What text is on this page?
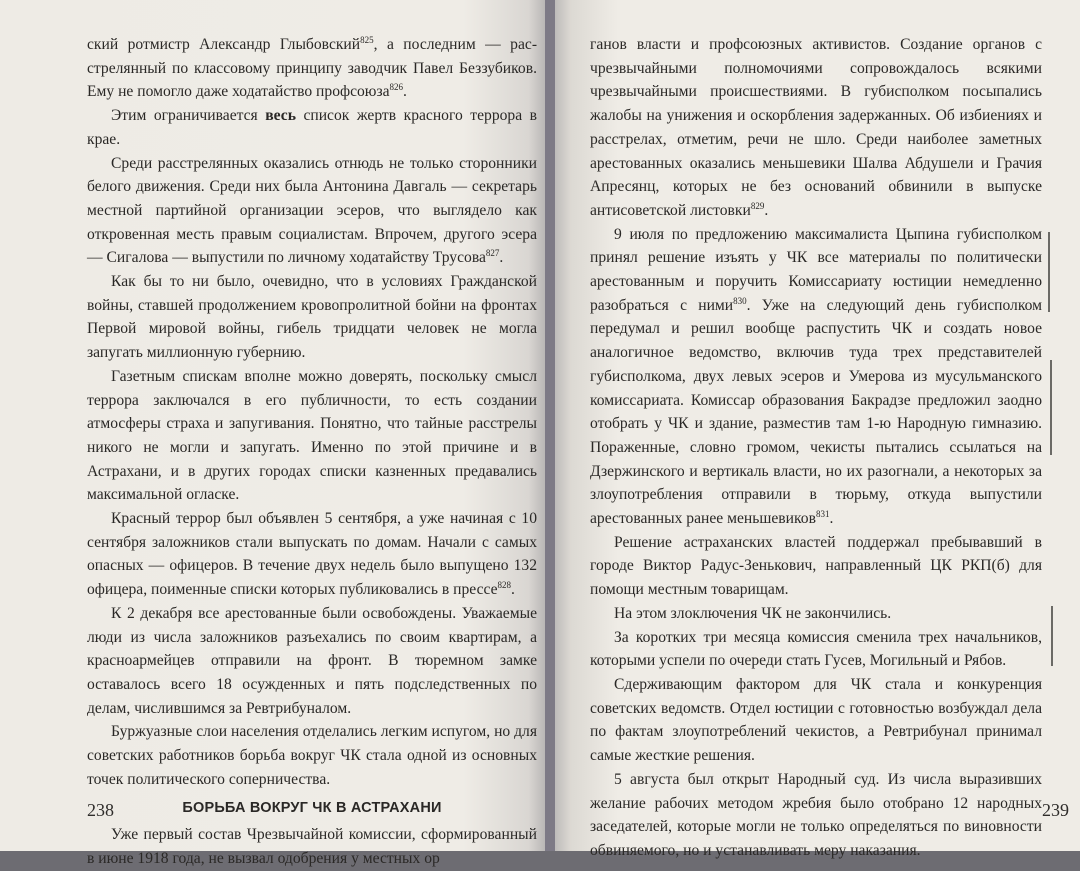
ский ротмистр Александр Глыбовский$^{825}$, а последним — расстрелянный по классовому принципу заводчик Павел Беззубиков. Ему не помогло даже ходатайство профсоюза$^{826}$.

Этим ограничивается весь список жертв красного террора в крае.

Среди расстрелянных оказались отнюдь не только сторонники белого движения. Среди них была Антонина Давгаль — секретарь местной партийной организации эсеров, что выглядело как откровенная месть правым социалистам. Впрочем, другого эсера — Сигалова — выпустили по личному ходатайству Трусова$^{827}$.

Как бы то ни было, очевидно, что в условиях Гражданской войны, ставшей продолжением кровопролитной бойни на фронтах Первой мировой войны, гибель тридцати человек не могла запугать миллионную губернию.

Газетным спискам вполне можно доверять, поскольку смысл террора заключался в его публичности, то есть создании атмосферы страха и запугивания. Понятно, что тайные расстрелы никого не могли и запугать. Именно по этой причине и в Астрахани, и в других городах списки казненных предавались максимальной огласке.

Красный террор был объявлен 5 сентября, а уже начиная с 10 сентября заложников стали выпускать по домам. Начали с самых опасных — офицеров. В течение двух недель было выпущено 132 офицера, поименные списки которых публиковались в прессе$^{828}$.

К 2 декабря все арестованные были освобождены. Уважаемые люди из числа заложников разъехались по своим квартирам, а красноармейцев отправили на фронт. В тюремном замке оставалось всего 18 осужденных и пять подследственных по делам, числившимся за Ревтрибуналом.

Буржуазные слои населения отделались легким испугом, но для советских работников борьба вокруг ЧК стала одной из основных точек политического соперничества.

БОРЬБА ВОКРУГ ЧК В АСТРАХАНИ

Уже первый состав Чрезвычайной комиссии, сформированный в июне 1918 года, не вызвал одобрения у местных ор

238

ганов власти и профсоюзных активистов. Создание органов с чрезвычайными полномочиями сопровождалось всякими чрезвычайными происшествиями. В губисполком посыпались жалобы на унижения и оскорбления задержанных. Об избиениях и расстрелах, отметим, речи не шло. Среди наиболее заметных арестованных оказались меньшевики Шалва Абдушели и Грачия Апресянц, которых не без оснований обвинили в выпуске антисоветской листовки$^{829}$.

9 июля по предложению максималиста Цыпина губисполком принял решение изъять у ЧК все материалы по политически арестованным и поручить Комиссариату юстиции немедленно разобраться с ними$^{830}$. Уже на следующий день губисполком передумал и решил вообще распустить ЧК и создать новое аналогичное ведомство, включив туда трех представителей губисполкома, двух левых эсеров и Умерова из мусульманского комиссариата. Комиссар образования Бакрадзе предложил заодно отобрать у ЧК и здание, разместив там 1-ю Народную гимназию. Пораженные, словно громом, чекисты пытались ссылаться на Дзержинского и вертикаль власти, но их разогнали, а некоторых за злоупотребления отправили в тюрьму, откуда выпустили арестованных ранее меньшевиков$^{831}$.

Решение астраханских властей поддержал пребывавший в городе Виктор Радус-Зенькович, направленный ЦК РКП(б) для помощи местным товарищам.

На этом злоключения ЧК не закончились.

За коротких три месяца комиссия сменила трех начальников, которыми успели по очереди стать Гусев, Могильный и Рябов.

Сдерживающим фактором для ЧК стала и конкуренция советских ведомств. Отдел юстиции с готовностью возбуждал дела по фактам злоупотреблений чекистов, а Ревтрибунал принимал самые жесткие решения.

5 августа был открыт Народный суд. Из числа выразивших желание рабочих методом жребия было отобрано 12 народных заседателей, которые могли не только определяться по виновности обвиняемого, но и устанавливать меру наказания.

239
